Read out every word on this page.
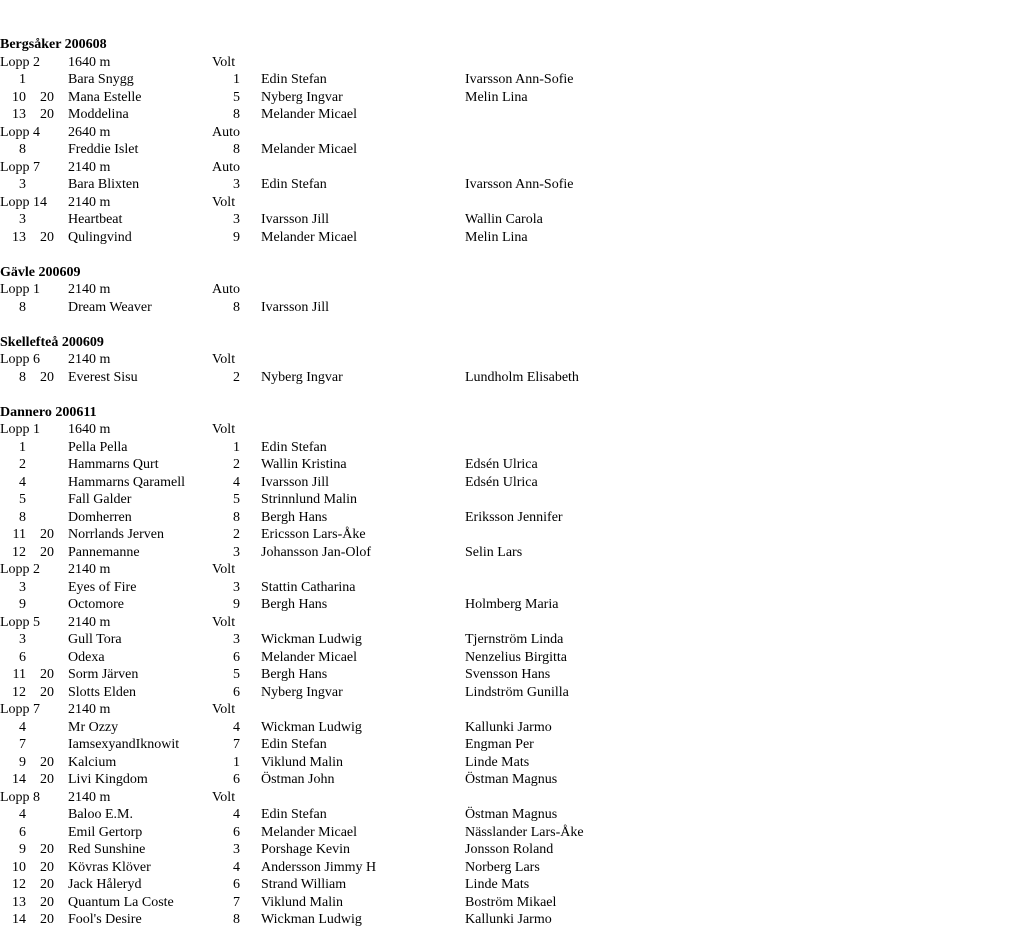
Bergsåker 200608
Lopp 2 1640 m	Volt
1	Bara Snygg	1 Edin Stefan	Ivarsson Ann-Sofie
10 20 Mana Estelle	5 Nyberg Ingvar	Melin Lina
13 20 Moddelina	8 Melander Micael
Lopp 4 2640 m	Auto
8	Freddie Islet	8 Melander Micael
Lopp 7 2140 m	Auto
3	Bara Blixten	3 Edin Stefan	Ivarsson Ann-Sofie
Lopp 14 2140 m	Volt
3	Heartbeat	3 Ivarsson Jill	Wallin Carola
13 20 Qulingvind	9 Melander Micael	Melin Lina
Gävle 200609
Lopp 1 2140 m	Auto
8	Dream Weaver	8 Ivarsson Jill
Skellefteå 200609
Lopp 6 2140 m	Volt
8 20 Everest Sisu	2 Nyberg Ingvar	Lundholm Elisabeth
Dannero 200611
Lopp 1 1640 m	Volt
1	Pella Pella	1 Edin Stefan
2	Hammarns Qurt	2 Wallin Kristina	Edsén Ulrica
4	Hammarns Qaramell	4 Ivarsson Jill	Edsén Ulrica
5	Fall Galder	5 Strinnlund Malin
8	Domherren	8 Bergh Hans	Eriksson Jennifer
11 20 Norrlands Jerven	2 Ericsson Lars-Åke
12 20 Pannemanne	3 Johansson Jan-Olof	Selin Lars
Lopp 2 2140 m	Volt
3	Eyes of Fire	3 Stattin Catharina
9	Octomore	9 Bergh Hans	Holmberg Maria
Lopp 5 2140 m	Volt
3	Gull Tora	3 Wickman Ludwig	Tjernström Linda
6	Odexa	6 Melander Micael	Nenzelius Birgitta
11 20 Sorm Järven	5 Bergh Hans	Svensson Hans
12 20 Slotts Elden	6 Nyberg Ingvar	Lindström Gunilla
Lopp 7 2140 m	Volt
4	Mr Ozzy	4 Wickman Ludwig	Kallunki Jarmo
7	IamsexyandIknowit	7 Edin Stefan	Engman Per
9 20 Kalcium	1 Viklund Malin	Linde Mats
14 20 Livi Kingdom	6 Östman John	Östman Magnus
Lopp 8 2140 m	Volt
4	Baloo E.M.	4 Edin Stefan	Östman Magnus
6	Emil Gertorp	6 Melander Micael	Nässlander Lars-Åke
9 20 Red Sunshine	3 Porshage Kevin	Jonsson Roland
10 20 Kövras Klöver	4 Andersson Jimmy H	Norberg Lars
12 20 Jack Håleryd	6 Strand William	Linde Mats
13 20 Quantum La Coste	7 Viklund Malin	Boström Mikael
14 20 Fool's Desire	8 Wickman Ludwig	Kallunki Jarmo
